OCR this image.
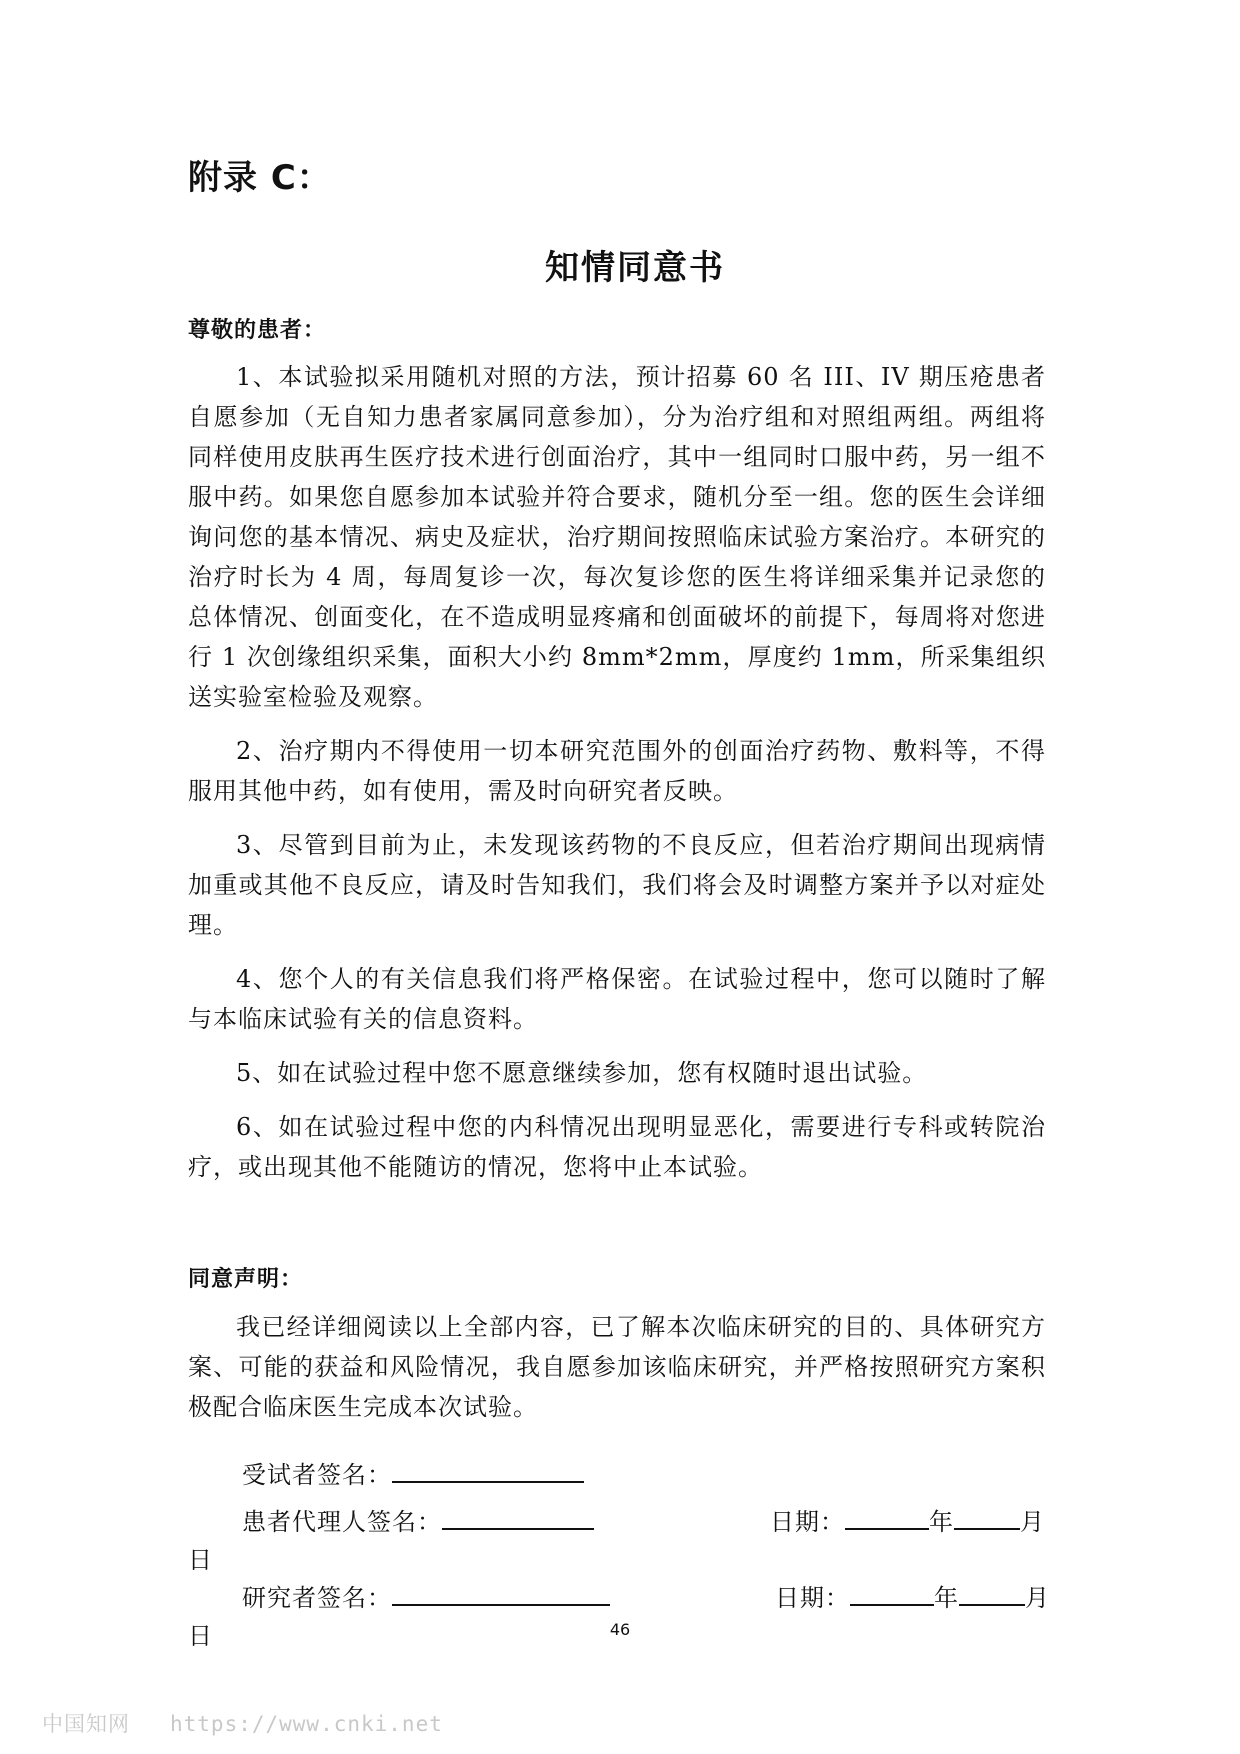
附录 C：
知情同意书

尊敬的患者：

1、本试验拟采用随机对照的方法，预计招募 60 名 III、IV 期压疮患者自愿参加（无自知力患者家属同意参加），分为治疗组和对照组两组。两组将同样使用皮肤再生医疗技术进行创面治疗，其中一组同时口服中药，另一组不服中药。如果您自愿参加本试验并符合要求，随机分至一组。您的医生会详细询问您的基本情况、病史及症状，治疗期间按照临床试验方案治疗。本研究的治疗时长为 4 周，每周复诊一次，每次复诊您的医生将详细采集并记录您的总体情况、创面变化，在不造成明显疼痛和创面破坏的前提下，每周将对您进行 1 次创缘组织采集，面积大小约 8mm*2mm，厚度约 1mm，所采集组织送实验室检验及观察。

2、治疗期内不得使用一切本研究范围外的创面治疗药物、敷料等，不得服用其他中药，如有使用，需及时向研究者反映。

3、尽管到目前为止，未发现该药物的不良反应，但若治疗期间出现病情加重或其他不良反应，请及时告知我们，我们将会及时调整方案并予以对症处理。

4、您个人的有关信息我们将严格保密。在试验过程中，您可以随时了解与本临床试验有关的信息资料。

5、如在试验过程中您不愿意继续参加，您有权随时退出试验。

6、如在试验过程中您的内科情况出现明显恶化，需要进行专科或转院治疗，或出现其他不能随访的情况，您将中止本试验。

同意声明：

我已经详细阅读以上全部内容，已了解本次临床研究的目的、具体研究方案、可能的获益和风险情况，我自愿参加该临床研究，并严格按照研究方案积极配合临床医生完成本次试验。

受试者签名：
患者代理人签名：	日期：	年	月
日
研究者签名：	日期：	年	月
日	46
中国知网 https://www.cnki.net
